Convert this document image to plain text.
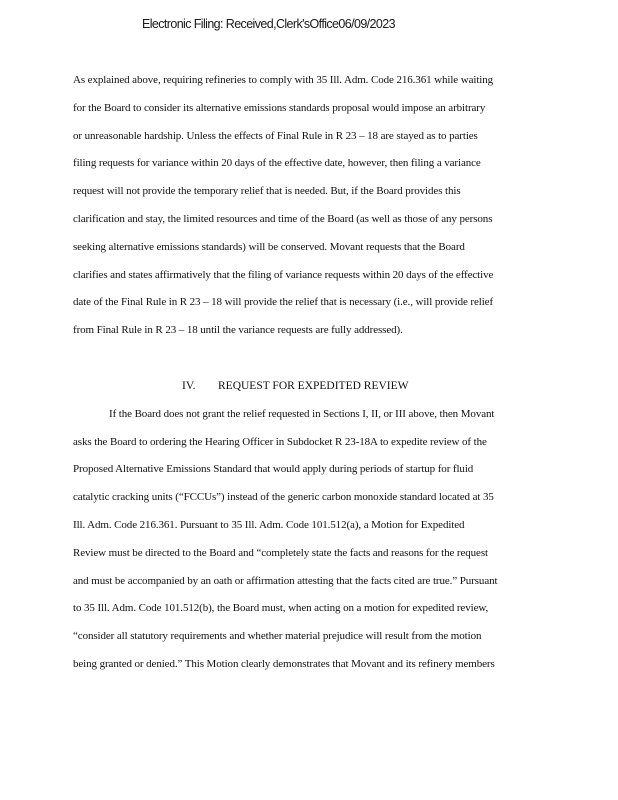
Electronic Filing: Received,Clerk'sOffice06/09/2023
As explained above, requiring refineries to comply with 35 Ill. Adm. Code 216.361 while waiting
for the Board to consider its alternative emissions standards proposal would impose an arbitrary
or unreasonable hardship. Unless the effects of Final Rule in R 23 – 18 are stayed as to parties
filing requests for variance within 20 days of the effective date, however, then filing a variance
request will not provide the temporary relief that is needed. But, if the Board provides this
clarification and stay, the limited resources and time of the Board (as well as those of any persons
seeking alternative emissions standards) will be conserved. Movant requests that the Board
clarifies and states affirmatively that the filing of variance requests within 20 days of the effective
date of the Final Rule in R 23 – 18 will provide the relief that is necessary (i.e., will provide relief
from Final Rule in R 23 – 18 until the variance requests are fully addressed).
IV. REQUEST FOR EXPEDITED REVIEW
If the Board does not grant the relief requested in Sections I, II, or III above, then Movant
asks the Board to ordering the Hearing Officer in Subdocket R 23-18A to expedite review of the
Proposed Alternative Emissions Standard that would apply during periods of startup for fluid
catalytic cracking units (“FCCUs”) instead of the generic carbon monoxide standard located at 35
Ill. Adm. Code 216.361. Pursuant to 35 Ill. Adm. Code 101.512(a), a Motion for Expedited
Review must be directed to the Board and “completely state the facts and reasons for the request
and must be accompanied by an oath or affirmation attesting that the facts cited are true.” Pursuant
to 35 Ill. Adm. Code 101.512(b), the Board must, when acting on a motion for expedited review,
“consider all statutory requirements and whether material prejudice will result from the motion
being granted or denied.” This Motion clearly demonstrates that Movant and its refinery members
